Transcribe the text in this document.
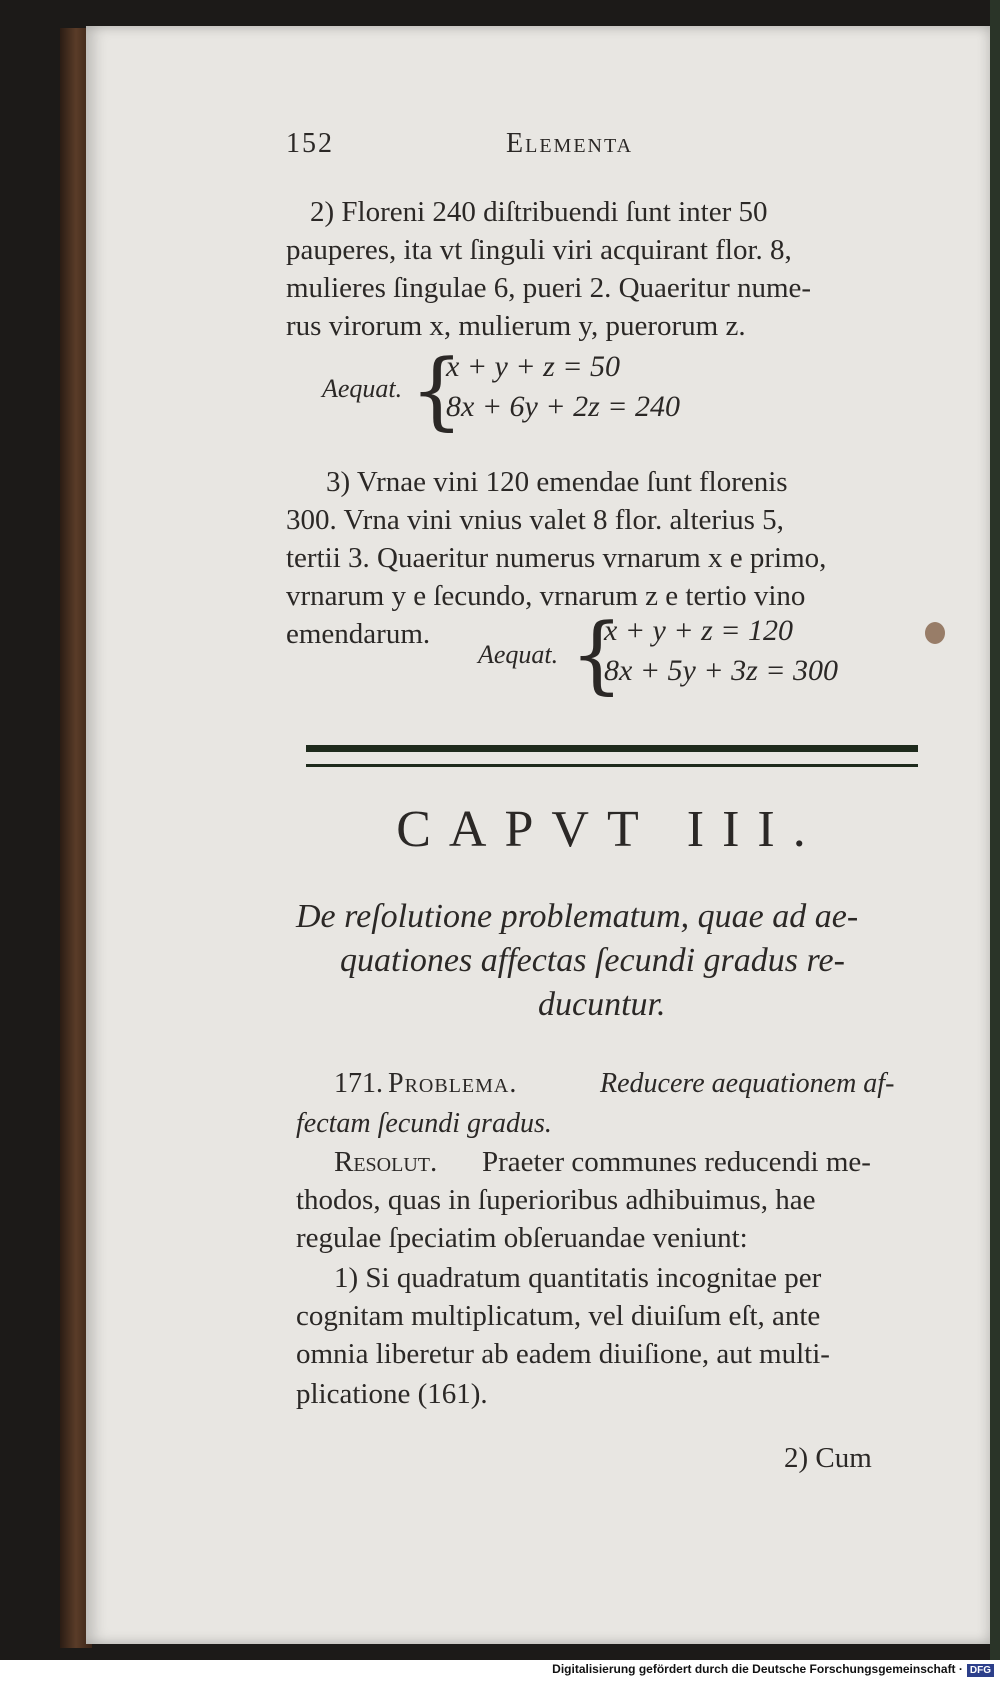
152	Elementa
2) Floreni 240 diſtribuendi ſunt inter 50
pauperes, ita vt ſinguli viri acquirant flor. 8,
mulieres ſingulae 6, pueri 2. Quaeritur nume-
rus virorum x, mulierum y, puerorum z.
Aequat. {
x + y + z = 50
8x + 6y + 2z = 240
3) Vrnae vini 120 emendae ſunt florenis
300. Vrna vini vnius valet 8 flor. alterius 5,
tertii 3. Quaeritur numerus vrnarum x e primo,
vrnarum y e ſecundo, vrnarum z e tertio vino
emendarum.
Aequat. {
x + y + z = 120
8x + 5y + 3z = 300
CAPVT III.
De reſolutione problematum, quae ad ae-
quationes affectas ſecundi gradus re-
ducuntur.
171. Problema.	Reducere aequationem af-
fectam ſecundi gradus.
Resolut. Praeter communes reducendi me-
thodos, quas in ſuperioribus adhibuimus, hae
regulae ſpeciatim obſeruandae veniunt:
1) Si quadratum quantitatis incognitae per
cognitam multiplicatum, vel diuiſum eſt, ante
omnia liberetur ab eadem diuiſione, aut multi-
plicatione (161).
2) Cum
Digitalisierung gefördert durch die Deutsche Forschungsgemeinschaft · DFG
